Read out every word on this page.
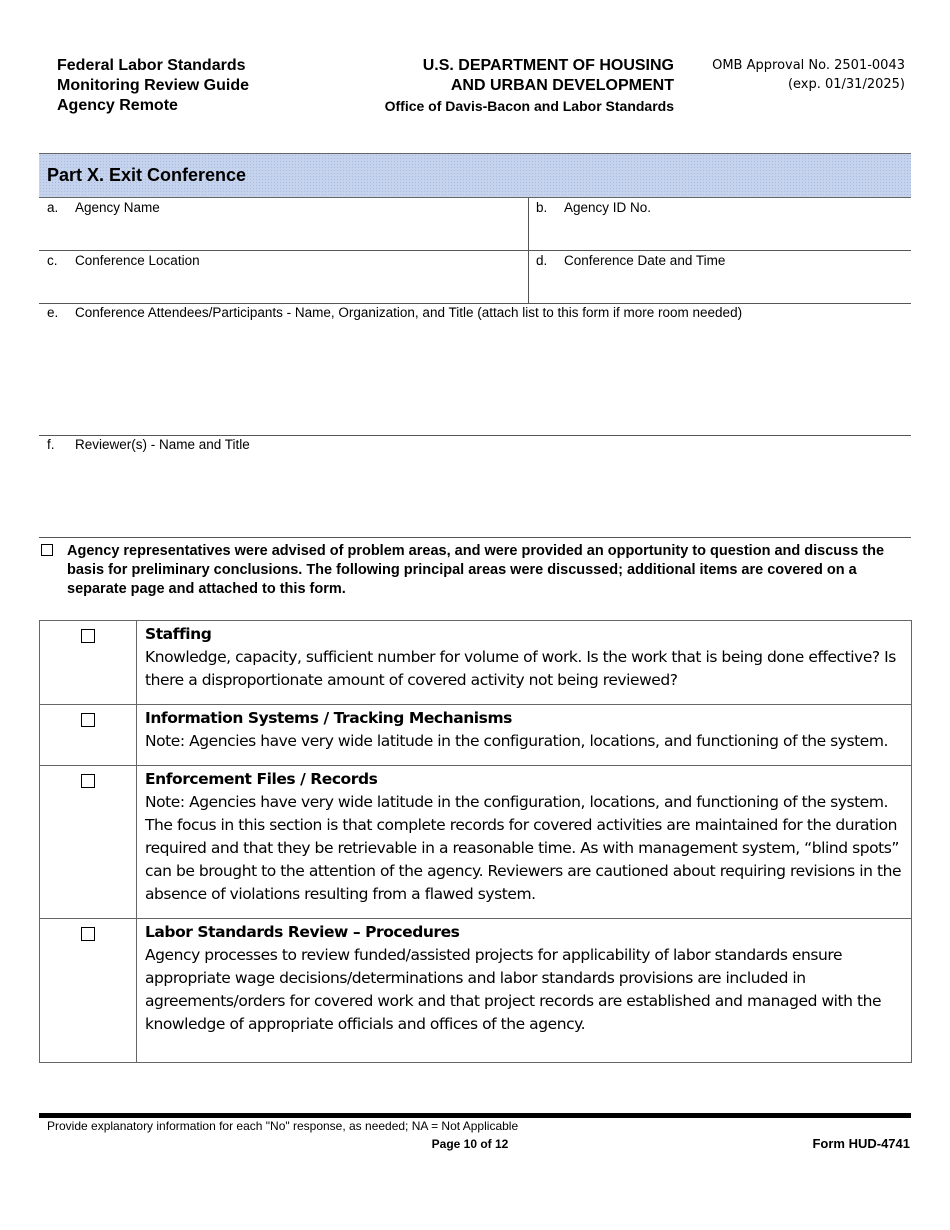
Federal Labor Standards
Monitoring Review Guide
Agency Remote
U.S. DEPARTMENT OF HOUSING
AND URBAN DEVELOPMENT
Office of Davis-Bacon and Labor Standards
OMB Approval No. 2501-0043
(exp. 01/31/2025)
Part X. Exit Conference
a. Agency Name	b. Agency ID No.
c. Conference Location	d. Conference Date and Time
e. Conference Attendees/Participants - Name, Organization, and Title (attach list to this form if more room needed)
f. Reviewer(s) - Name and Title
Agency representatives were advised of problem areas, and were provided an opportunity to question and discuss the basis for preliminary conclusions. The following principal areas were discussed; additional items are covered on a separate page and attached to this form.

	Staffing
Knowledge, capacity, sufficient number for volume of work. Is the work that is being done effective? Is there a disproportionate amount of covered activity not being reviewed?

	Information Systems / Tracking Mechanisms
Note: Agencies have very wide latitude in the configuration, locations, and functioning of the system.

	Enforcement Files / Records
Note: Agencies have very wide latitude in the configuration, locations, and functioning of the system. The focus in this section is that complete records for covered activities are maintained for the duration required and that they be retrievable in a reasonable time. As with management system, “blind spots” can be brought to the attention of the agency. Reviewers are cautioned about requiring revisions in the absence of violations resulting from a flawed system.

	Labor Standards Review – Procedures
Agency processes to review funded/assisted projects for applicability of labor standards ensure appropriate wage decisions/determinations and labor standards provisions are included in agreements/orders for covered work and that project records are established and managed with the knowledge of appropriate officials and offices of the agency.
Provide explanatory information for each "No" response, as needed; NA = Not Applicable
Page 10 of 12	Form HUD-4741
